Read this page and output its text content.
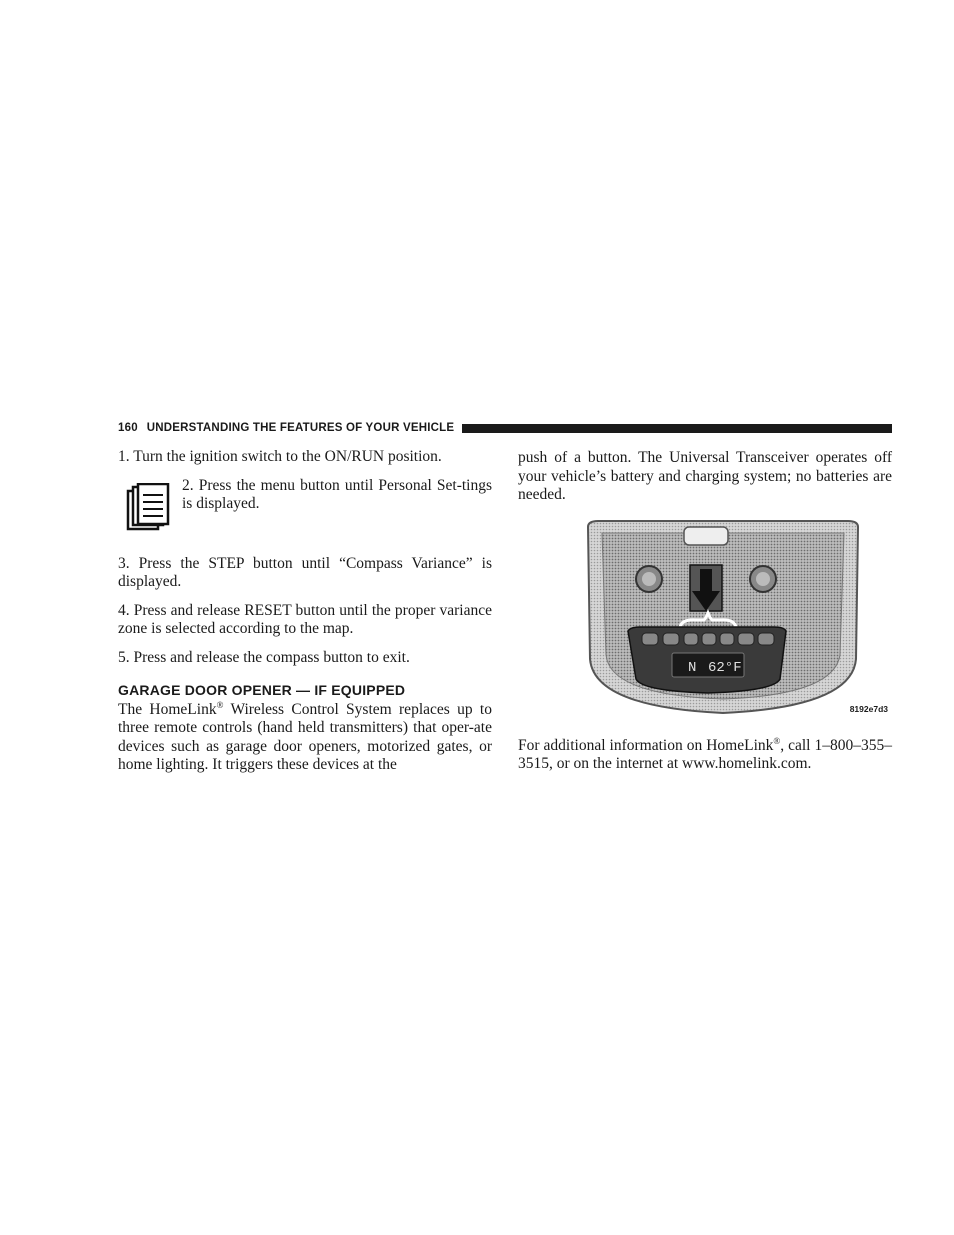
160 UNDERSTANDING THE FEATURES OF YOUR VEHICLE

1. Turn the ignition switch to the ON/RUN position.

2. Press the menu button until Personal Set-tings is displayed.

3. Press the STEP button until “Compass Variance” is displayed.

4. Press and release RESET button until the proper variance zone is selected according to the map.

5. Press and release the compass button to exit.

GARAGE DOOR OPENER — IF EQUIPPED

The HomeLink® Wireless Control System replaces up to three remote controls (hand held transmitters) that oper-ate devices such as garage door openers, motorized gates, or home lighting. It triggers these devices at the

push of a button. The Universal Transceiver operates off your vehicle’s battery and charging system; no batteries are needed.

N 62°F
8192e7d3

For additional information on HomeLink®, call 1–800–355–3515, or on the internet at www.homelink.com.
